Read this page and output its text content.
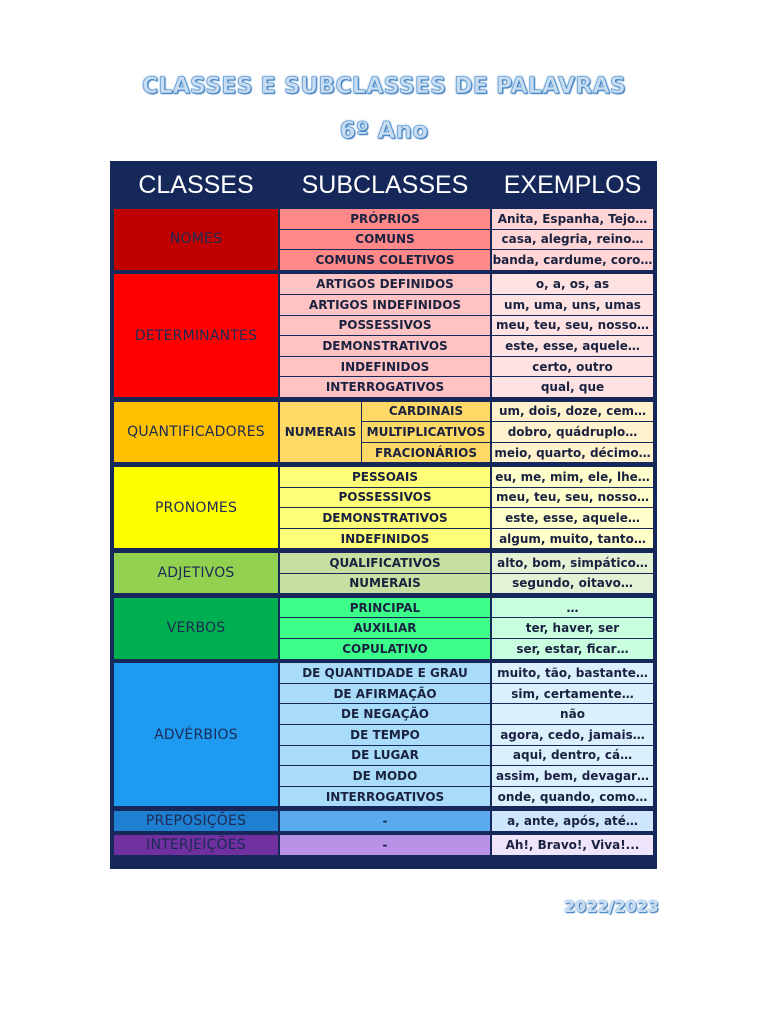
CLASSES E SUBCLASSES DE PALAVRAS
6º Ano
CLASSES	SUBCLASSES	EXEMPLOS
NOMES
PRÓPRIOS	Anita, Espanha, Tejo…
COMUNS	casa, alegria, reino…
COMUNS COLETIVOS	banda, cardume, coro…
DETERMINANTES
ARTIGOS DEFINIDOS	o, a, os, as
ARTIGOS INDEFINIDOS	um, uma, uns, umas
POSSESSIVOS	meu, teu, seu, nosso…
DEMONSTRATIVOS	este, esse, aquele…
INDEFINIDOS	certo, outro
INTERROGATIVOS	qual, que
QUANTIFICADORES	NUMERAIS
CARDINAIS	um, dois, doze, cem…
MULTIPLICATIVOS	dobro, quádruplo…
FRACIONÁRIOS	meio, quarto, décimo…
PRONOMES
PESSOAIS	eu, me, mim, ele, lhe…
POSSESSIVOS	meu, teu, seu, nosso…
DEMONSTRATIVOS	este, esse, aquele…
INDEFINIDOS	algum, muito, tanto…
ADJETIVOS
QUALIFICATIVOS	alto, bom, simpático…
NUMERAIS	segundo, oitavo…
VERBOS
PRINCIPAL	…
AUXILIAR	ter, haver, ser
COPULATIVO	ser, estar, ficar…
ADVÉRBIOS
DE QUANTIDADE E GRAU	muito, tão, bastante…
DE AFIRMAÇÃO	sim, certamente…
DE NEGAÇÃO	não
DE TEMPO	agora, cedo, jamais…
DE LUGAR	aqui, dentro, cá…
DE MODO	assim, bem, devagar…
INTERROGATIVOS	onde, quando, como…
PREPOSIÇÕES	-	a, ante, após, até…
INTERJEIÇÕES	-	Ah!, Bravo!, Viva!...
2022/2023
